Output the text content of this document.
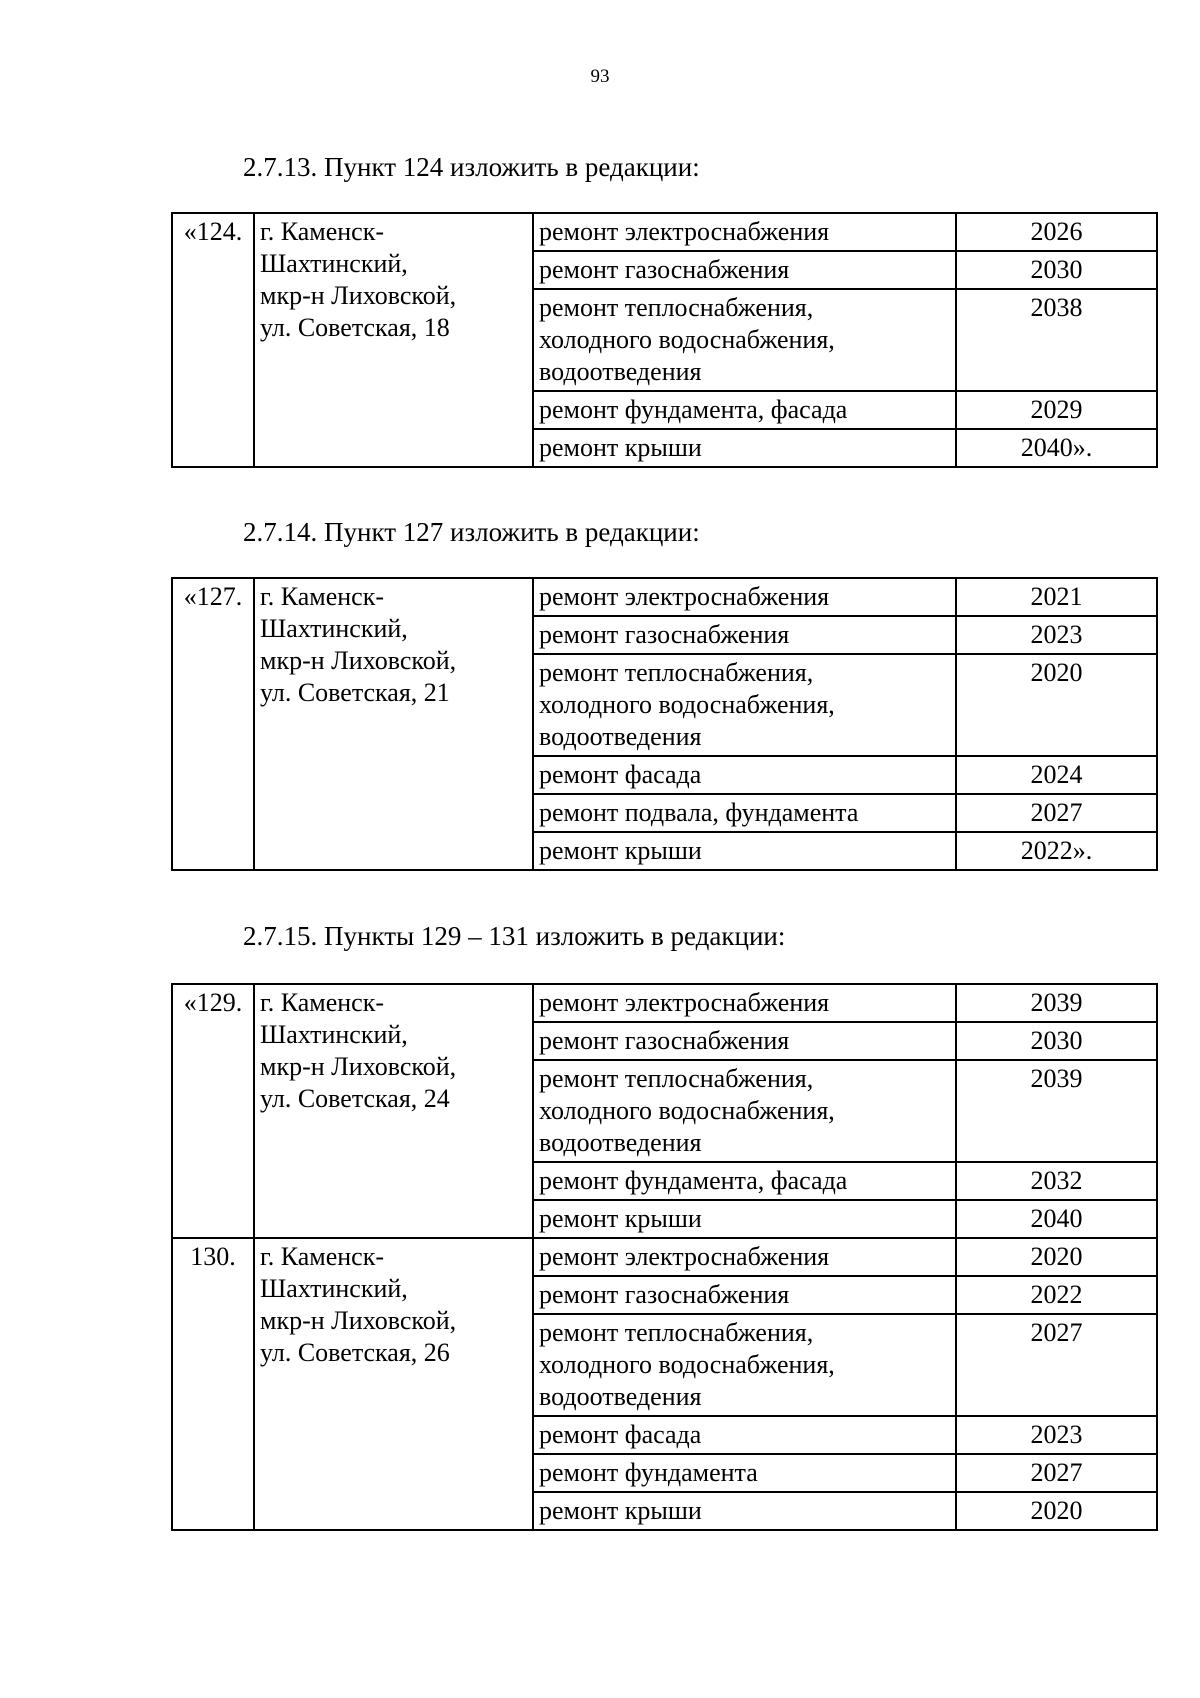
93
2.7.13. Пункт 124 изложить в редакции:
«124.	г. Каменск-
Шахтинский,
мкр-н Лиховской,
ул. Советская, 18	ремонт электроснабжения	2026

		ремонт газоснабжения	2030

		ремонт теплоснабжения,
холодного водоснабжения,
водоотведения	2038

		ремонт фундамента, фасада	2029

		ремонт крыши	2040».
2.7.14. Пункт 127 изложить в редакции:
«127.	г. Каменск-
Шахтинский,
мкр-н Лиховской,
ул. Советская, 21	ремонт электроснабжения	2021

		ремонт газоснабжения	2023

		ремонт теплоснабжения,
холодного водоснабжения,
водоотведения	2020

		ремонт фасада	2024

		ремонт подвала, фундамента	2027

		ремонт крыши	2022».
2.7.15. Пункты 129 – 131 изложить в редакции:
«129.	г. Каменск-
Шахтинский,
мкр-н Лиховской,
ул. Советская, 24	ремонт электроснабжения	2039

		ремонт газоснабжения	2030

		ремонт теплоснабжения,
холодного водоснабжения,
водоотведения	2039

		ремонт фундамента, фасада	2032

		ремонт крыши	2040
130.	г. Каменск-
Шахтинский,
мкр-н Лиховской,
ул. Советская, 26	ремонт электроснабжения	2020

		ремонт газоснабжения	2022

		ремонт теплоснабжения,
холодного водоснабжения,
водоотведения	2027

		ремонт фасада	2023

		ремонт фундамента	2027

		ремонт крыши	2020
